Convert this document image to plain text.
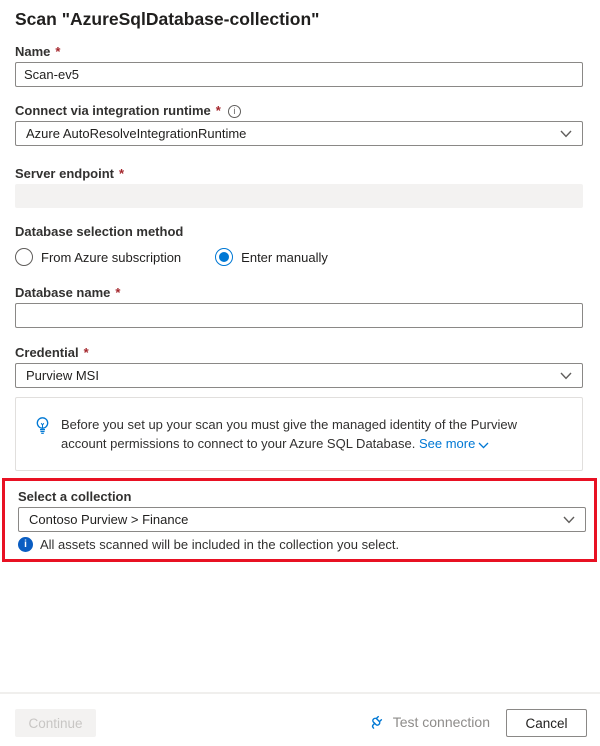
Scan "AzureSqlDatabase-collection"
Name *
Scan-ev5
Connect via integration runtime *	i
Azure AutoResolveIntegrationRuntime
Server endpoint *
Database selection method
From Azure subscription	Enter manually
Database name *
Credential *
Purview MSI
Before you set up your scan you must give the managed identity of the Purview account permissions to connect to your Azure SQL Database. See more
Select a collection
Contoso Purview > Finance
i	All assets scanned will be included in the collection you select.
Continue	Test connection	Cancel
